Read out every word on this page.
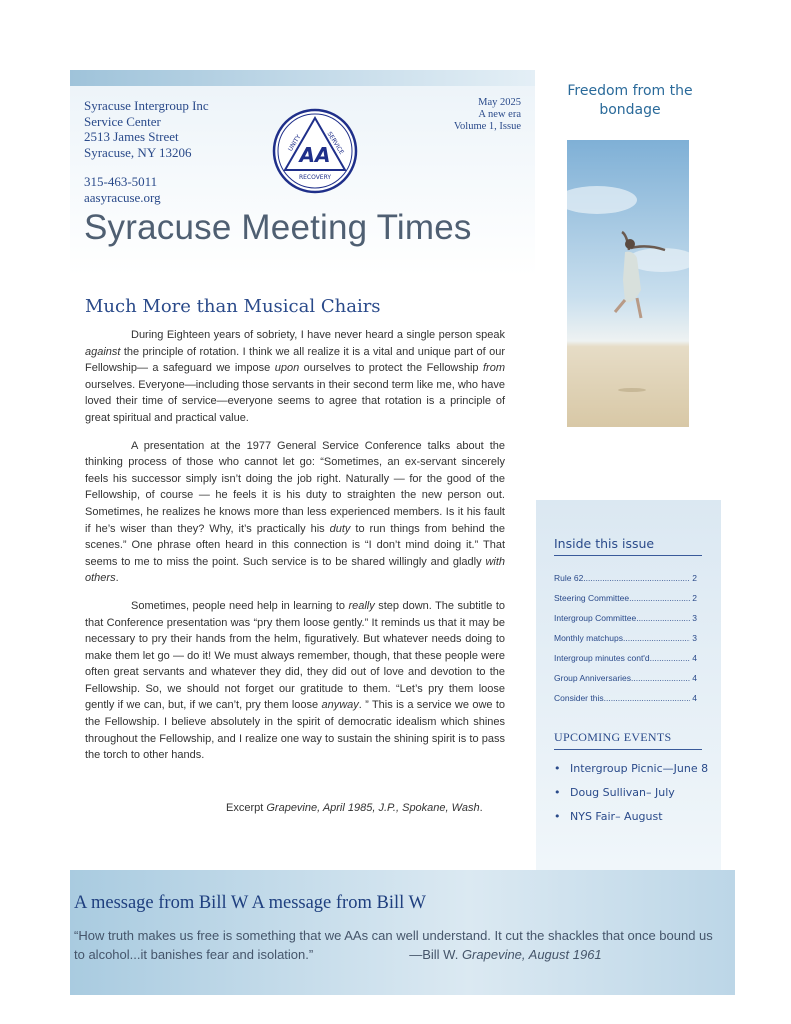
Syracuse Intergroup Inc
Service Center
2513 James Street
Syracuse, NY 13206
315-463-5011
aasyracuse.org
AA
UNITY	SERVICE
RECOVERY
May 2025
A new era
Volume 1, Issue
Syracuse Meeting Times
Much More than Musical Chairs

During Eighteen years of sobriety, I have never heard a single person speak against the principle of rotation. I think we all realize it is a vital and unique part of our Fellowship— a safeguard we impose upon ourselves to protect the Fellowship from ourselves. Everyone—including those servants in their second term like me, who have loved their time of service—everyone seems to agree that rotation is a principle of great spiritual and practical value.

A presentation at the 1977 General Service Conference talks about the thinking process of those who cannot let go: “Sometimes, an ex-servant sincerely feels his successor simply isn’t doing the job right. Naturally — for the good of the Fellowship, of course — he feels it is his duty to straighten the new person out. Sometimes, he realizes he knows more than less experienced members. Is it his fault if he’s wiser than they? Why, it’s practically his duty to run things from behind the scenes.” One phrase often heard in this connection is “I don’t mind doing it.” That seems to me to miss the point. Such service is to be shared willingly and gladly with others.

Sometimes, people need help in learning to really step down. The subtitle to that Conference presentation was “pry them loose gently.” It reminds us that it may be necessary to pry their hands from the helm, figuratively. But whatever needs doing to make them let go — do it! We must always remember, though, that these people were often great servants and whatever they did, they did out of love and devotion to the Fellowship. So, we should not forget our gratitude to them. “Let’s pry them loose gently if we can, but, if we can’t, pry them loose anyway. ” This is a service we owe to the Fellowship. I believe absolutely in the spirit of democratic idealism which shines throughout the Fellowship, and I realize one way to sustain the shining spirit is to pass the torch to other hands.

Excerpt Grapevine, April 1985, J.P., Spokane, Wash.
Freedom from the bondage
Inside this issue
Rule 62 .....	2
Steering Committee .....	2
Intergroup Committee .....	3
Monthly matchups .....	3
Intergroup minutes cont'd .....	4
Group Anniversaries .....	4
Consider this .....	4
UPCOMING EVENTS
• Intergroup Picnic—June 8
• Doug Sullivan– July
• NYS Fair– August
A message from Bill W A message from Bill W
“How truth makes us free is something that we AAs can well understand. It cut the shackles that once bound us to alcohol...it banishes fear and isolation.”	—Bill W. Grapevine, August 1961
